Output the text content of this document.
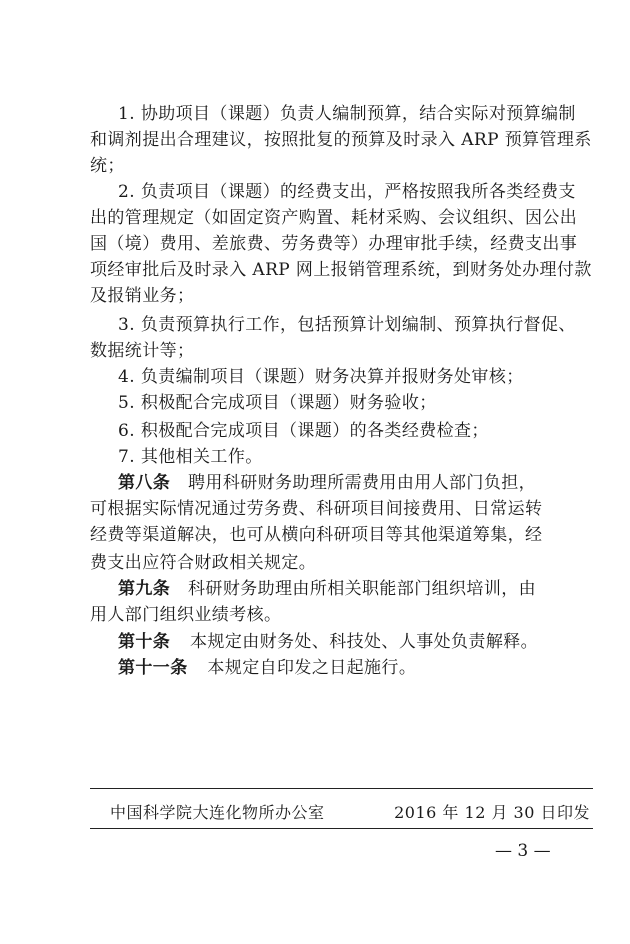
1. 协助项目（课题）负责人编制预算，结合实际对预算编制
和调剂提出合理建议，按照批复的预算及时录入 ARP 预算管理系
统；
2. 负责项目（课题）的经费支出，严格按照我所各类经费支
出的管理规定（如固定资产购置、耗材采购、会议组织、因公出
国（境）费用、差旅费、劳务费等）办理审批手续，经费支出事
项经审批后及时录入 ARP 网上报销管理系统，到财务处办理付款
及报销业务；
3. 负责预算执行工作，包括预算计划编制、预算执行督促、
数据统计等；
4. 负责编制项目（课题）财务决算并报财务处审核；
5. 积极配合完成项目（课题）财务验收；
6. 积极配合完成项目（课题）的各类经费检查；
7. 其他相关工作。
第八条 聘用科研财务助理所需费用由用人部门负担，
可根据实际情况通过劳务费、科研项目间接费用、日常运转
经费等渠道解决，也可从横向科研项目等其他渠道筹集，经
费支出应符合财政相关规定。
第九条 科研财务助理由所相关职能部门组织培训，由
用人部门组织业绩考核。
第十条 本规定由财务处、科技处、人事处负责解释。
第十一条 本规定自印发之日起施行。
中国科学院大连化物所办公室	2016 年 12 月 30 日印发
— 3 —
